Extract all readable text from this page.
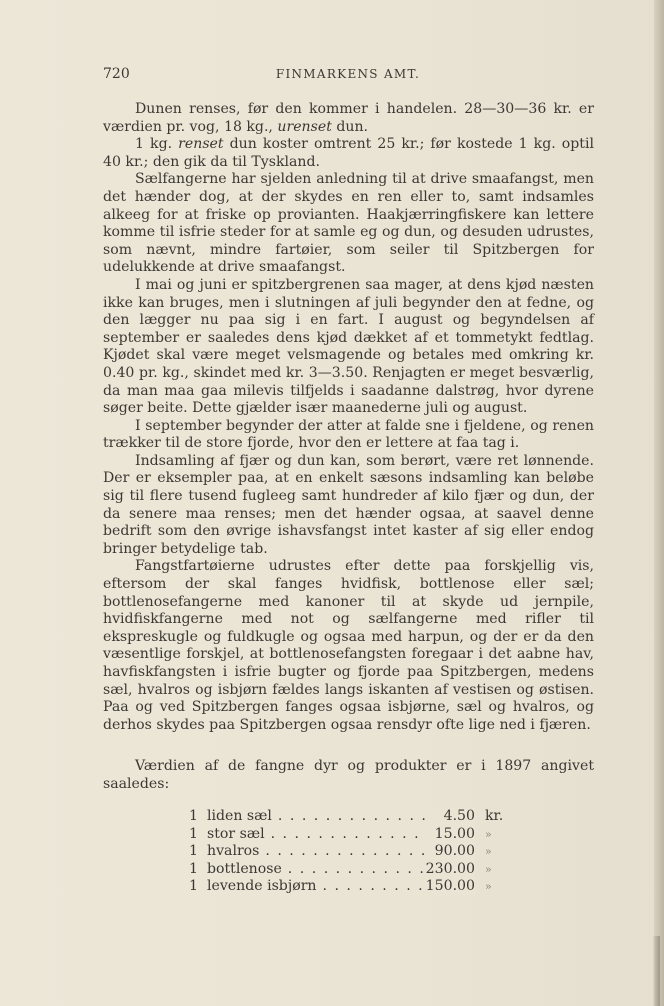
720	FINMARKENS AMT.

Dunen renses, før den kommer i handelen. 28—30—36 kr. er værdien pr. vog, 18 kg., urenset dun.

1 kg. renset dun koster omtrent 25 kr.; før kostede 1 kg. optil 40 kr.; den gik da til Tyskland.

Sælfangerne har sjelden anledning til at drive smaafangst, men det hænder dog, at der skydes en ren eller to, samt indsamles alkeeg for at friske op provianten. Haakjærringfiskere kan lettere komme til isfrie steder for at samle eg og dun, og desuden udrustes, som nævnt, mindre fartøier, som seiler til Spitzbergen for udelukkende at drive smaafangst.

I mai og juni er spitzbergrenen saa mager, at dens kjød næsten ikke kan bruges, men i slutningen af juli begynder den at fedne, og den lægger nu paa sig i en fart. I august og begyndelsen af september er saaledes dens kjød dækket af et tommetykt fedtlag. Kjødet skal være meget velsmagende og betales med omkring kr. 0.40 pr. kg., skindet med kr. 3—3.50. Renjagten er meget besværlig, da man maa gaa milevis tilfjelds i saadanne dalstrøg, hvor dyrene søger beite. Dette gjælder især maanederne juli og august.

I september begynder der atter at falde sne i fjeldene, og renen trækker til de store fjorde, hvor den er lettere at faa tag i.

Indsamling af fjær og dun kan, som berørt, være ret lønnende. Der er eksempler paa, at en enkelt sæsons indsamling kan beløbe sig til flere tusend fugleeg samt hundreder af kilo fjær og dun, der da senere maa renses; men det hænder ogsaa, at saavel denne bedrift som den øvrige ishavsfangst intet kaster af sig eller endog bringer betydelige tab.

Fangstfartøierne udrustes efter dette paa forskjellig vis, eftersom der skal fanges hvidfisk, bottlenose eller sæl; bottlenosefangerne med kanoner til at skyde ud jernpile, hvidfiskfangerne med not og sælfangerne med rifler til ekspreskugle og fuldkugle og ogsaa med harpun, og der er da den væsentlige forskjel, at bottlenosefangsten foregaar i det aabne hav, havfiskfangsten i isfrie bugter og fjorde paa Spitzbergen, medens sæl, hvalros og isbjørn fældes langs iskanten af vestisen og østisen. Paa og ved Spitzbergen fanges ogsaa isbjørne, sæl og hvalros, og derhos skydes paa Spitzbergen ogsaa rensdyr ofte lige ned i fjæren.

Værdien af de fangne dyr og produkter er i 1897 angivet saaledes:

1 liden sæl . . .	4.50 kr.
1 stor sæl . . .	15.00 »
1 hvalros . . .	90.00 »
1 bottlenose . . .	230.00 »
1 levende isbjørn . . .	150.00 »
